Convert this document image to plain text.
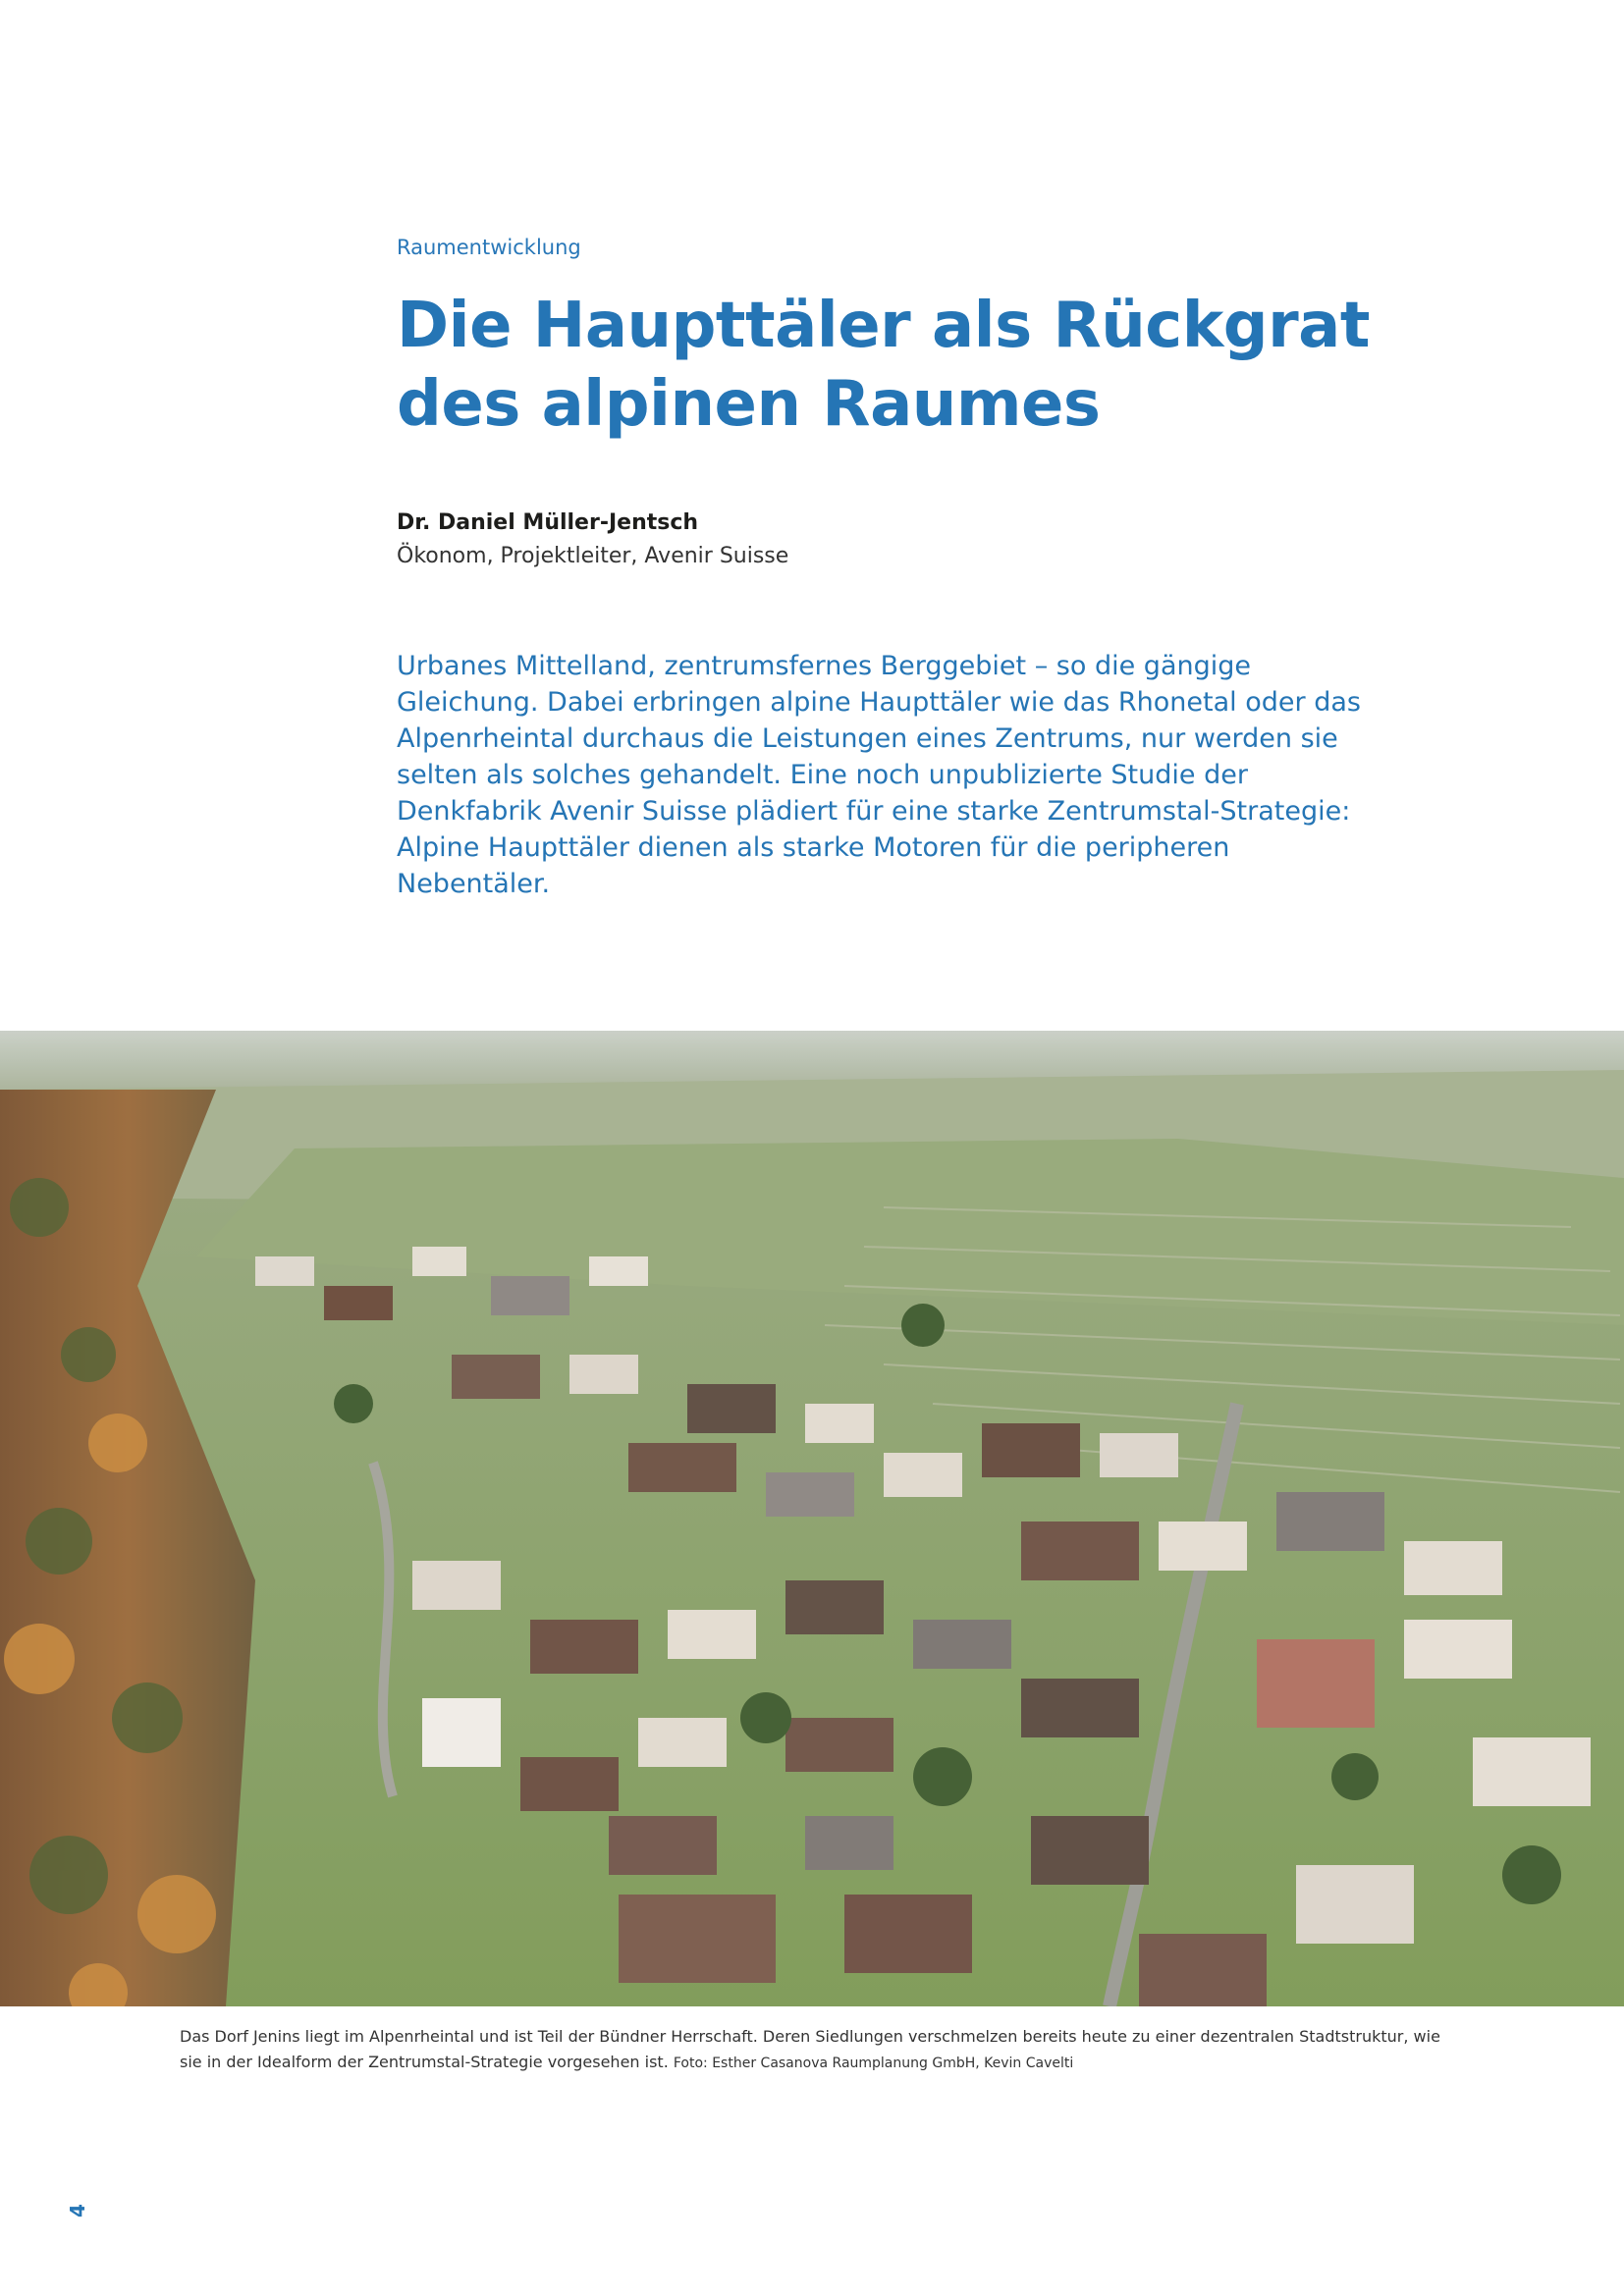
Raumentwicklung

Die Haupttäler als Rückgrat
des alpinen Raumes

Dr. Daniel Müller-Jentsch

Ökonom, Projektleiter, Avenir Suisse

Urbanes Mittelland, zentrumsfernes Berggebiet – so die gängige Gleichung. Dabei erbringen alpine Haupttäler wie das Rhonetal oder das Alpenrheintal durchaus die Leistungen eines Zentrums, nur werden sie selten als solches gehandelt. Eine noch unpublizierte Studie der Denkfabrik Avenir Suisse plädiert für eine starke Zentrumstal-Strategie: Alpine Haupttäler dienen als starke Motoren für die peripheren Nebentäler.

Das Dorf Jenins liegt im Alpenrheintal und ist Teil der Bündner Herrschaft. Deren Siedlungen verschmelzen bereits heute zu einer dezentralen Stadtstruktur, wie sie in der Idealform der Zentrumstal-Strategie vorgesehen ist. Foto: Esther Casanova Raumplanung GmbH, Kevin Cavelti

4
